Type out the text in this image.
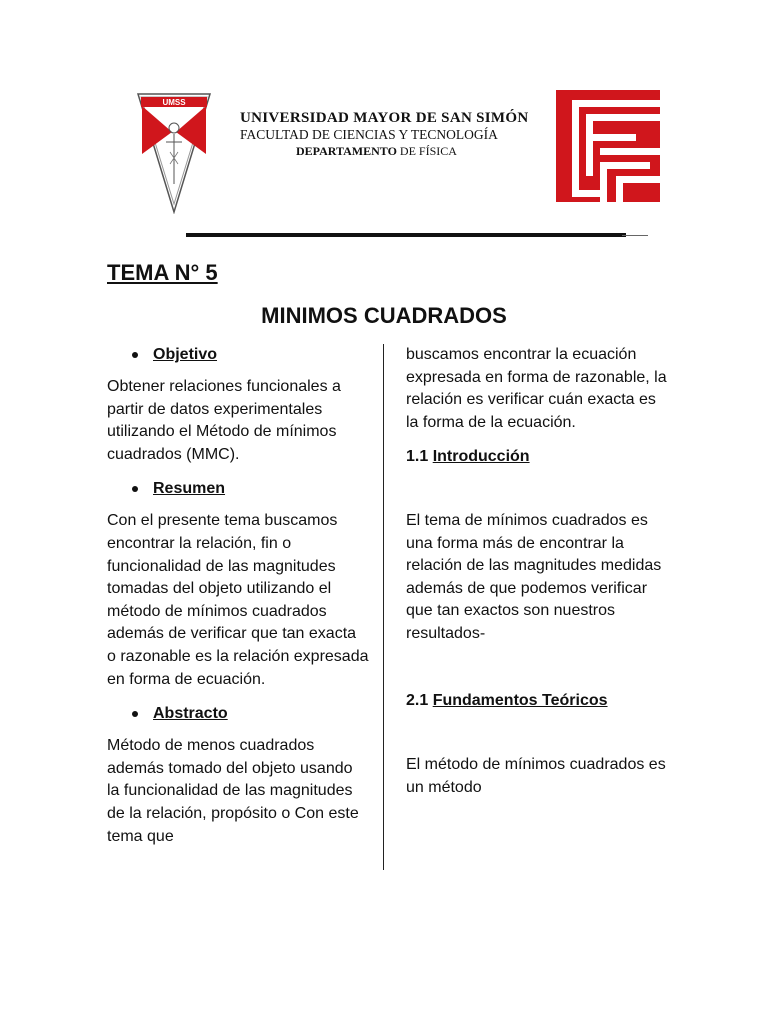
UMSS
UNIVERSIDAD MAYOR DE SAN SIMÓN
FACULTAD DE CIENCIAS Y TECNOLOGÍA
DEPARTAMENTO DE FÍSICA
TEMA N° 5
MINIMOS CUADRADOS
Objetivo

Obtener relaciones funcionales a partir de datos experimentales utilizando el Método de mínimos cuadrados (MMC).

Resumen

Con el presente tema buscamos encontrar la relación, fin o funcionalidad de las magnitudes tomadas del objeto utilizando el método de mínimos cuadrados además de verificar que tan exacta o razonable es la relación expresada en forma de ecuación.

Abstracto

Método de menos cuadrados además tomado del objeto usando la funcionalidad de las magnitudes de la relación, propósito o Con este tema que

buscamos encontrar la ecuación expresada en forma de razonable, la relación es verificar cuán exacta es la forma de la ecuación.

1.1 Introducción

El tema de mínimos cuadrados es una forma más de encontrar la relación de las magnitudes medidas además de que podemos verificar que tan exactos son nuestros resultados-

2.1 Fundamentos Teóricos

El método de mínimos cuadrados es un método
